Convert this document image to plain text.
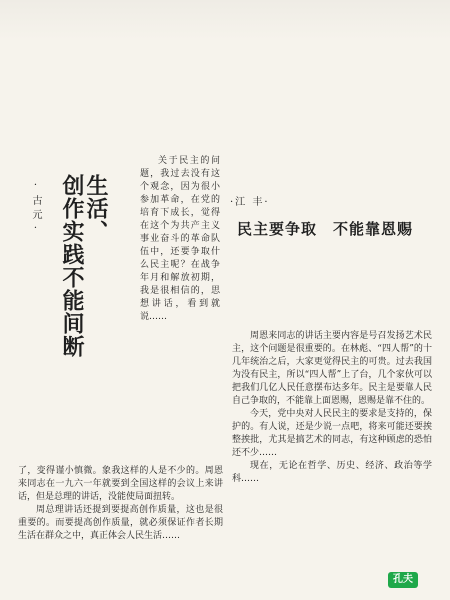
生活、
创作实践不能间断
·古元·

关于民主的问题，我过去没有这个观念，因为很小参加革命，在党的培育下成长，觉得在这个为共产主义事业奋斗的革命队伍中，还要争取什么民主呢？在战争年月和解放初期，我是很相信的，思想讲话，看到就说……

·江 丰·
民主要争取　不能靠恩赐

周恩来同志的讲话主要内容是号召发扬艺术民主，这个问题是很重要的。在林彪、“四人帮”的十几年统治之后，大家更觉得民主的可贵。过去我国为没有民主，所以“四人帮”上了台，几个家伙可以把我们几亿人民任意摆布达多年。民主是要靠人民自己争取的，不能靠上面恩赐，恩赐是靠不住的。

今天，党中央对人民民主的要求是支持的，保护的。有人说，还是少说一点吧，将来可能还要挨整挨批，尤其是搞艺术的同志，有这种顾虑的恐怕还不少……

现在，无论在哲学、历史、经济、政治等学科……

了，变得谨小慎微。象我这样的人是不少的。周恩来同志在一九六一年就要到全国这样的会议上来讲话，但是总理的讲话，没能使局面扭转。

周总理讲话还提到要提高创作质量，这也是很重要的。而要提高创作质量，就必须保证作者长期生活在群众之中，真正体会人民生活……

孔夫
